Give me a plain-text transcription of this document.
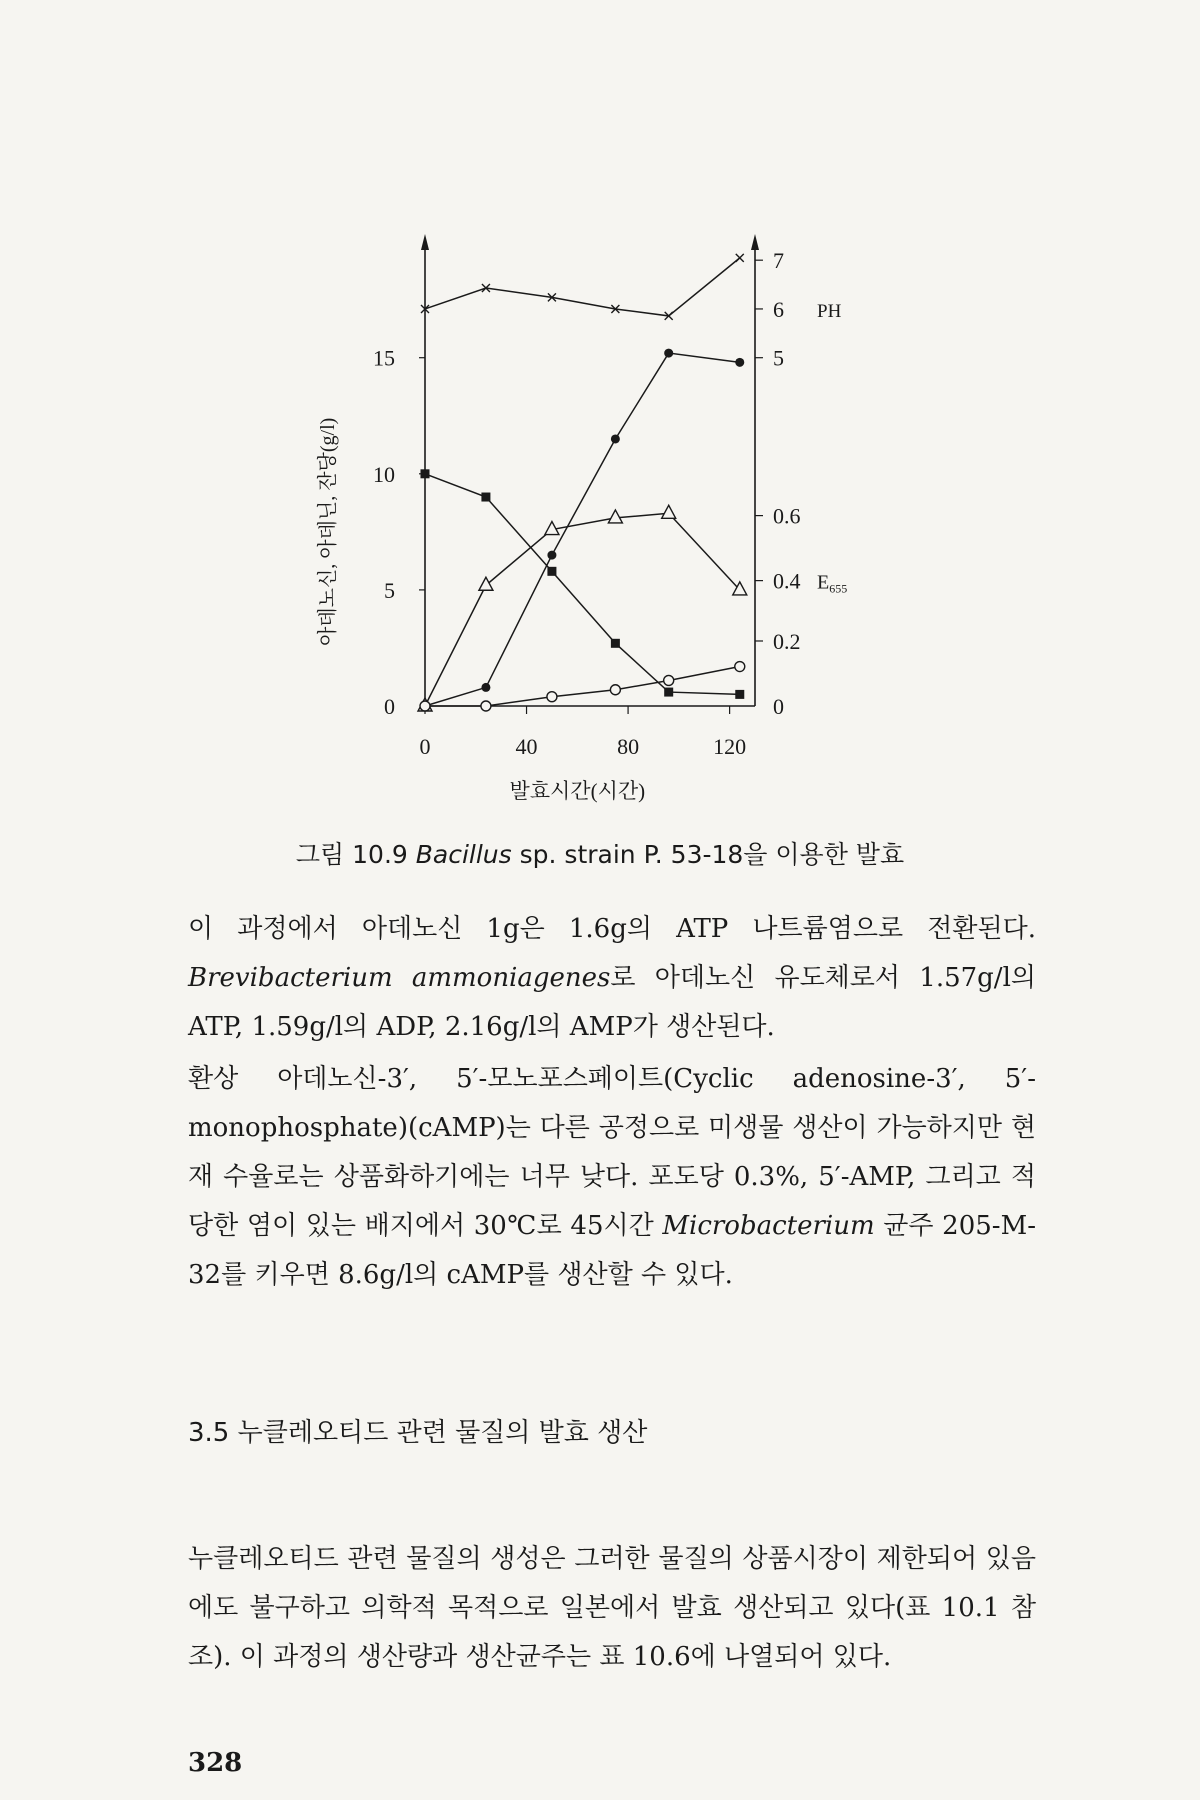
0	40	80	120
발효시간(시간)
0
5
10
15
아데노신, 아데닌, 잔당(g/l)
5
6
7
PH
0
0.2
0.4
0.6
$E_{655}$
그림 10.9 Bacillus sp. strain P. 53-18을 이용한 발효
이 과정에서 아데노신 1g은 1.6g의 ATP 나트륨염으로 전환된다. Brevibacterium ammoniagenes로 아데노신 유도체로서 1.57g/l의 ATP, 1.59g/l의 ADP, 2.16g/l의 AMP가 생산된다.
환상 아데노신-3′, 5′-모노포스페이트(Cyclic adenosine-3′, 5′-monophosphate)(cAMP)는 다른 공정으로 미생물 생산이 가능하지만 현재 수율로는 상품화하기에는 너무 낮다. 포도당 0.3%, 5′-AMP, 그리고 적당한 염이 있는 배지에서 30℃로 45시간 Microbacterium 균주 205-M-32를 키우면 8.6g/l의 cAMP를 생산할 수 있다.
3.5 누클레오티드 관련 물질의 발효 생산
누클레오티드 관련 물질의 생성은 그러한 물질의 상품시장이 제한되어 있음에도 불구하고 의학적 목적으로 일본에서 발효 생산되고 있다(표 10.1 참조). 이 과정의 생산량과 생산균주는 표 10.6에 나열되어 있다.
328
